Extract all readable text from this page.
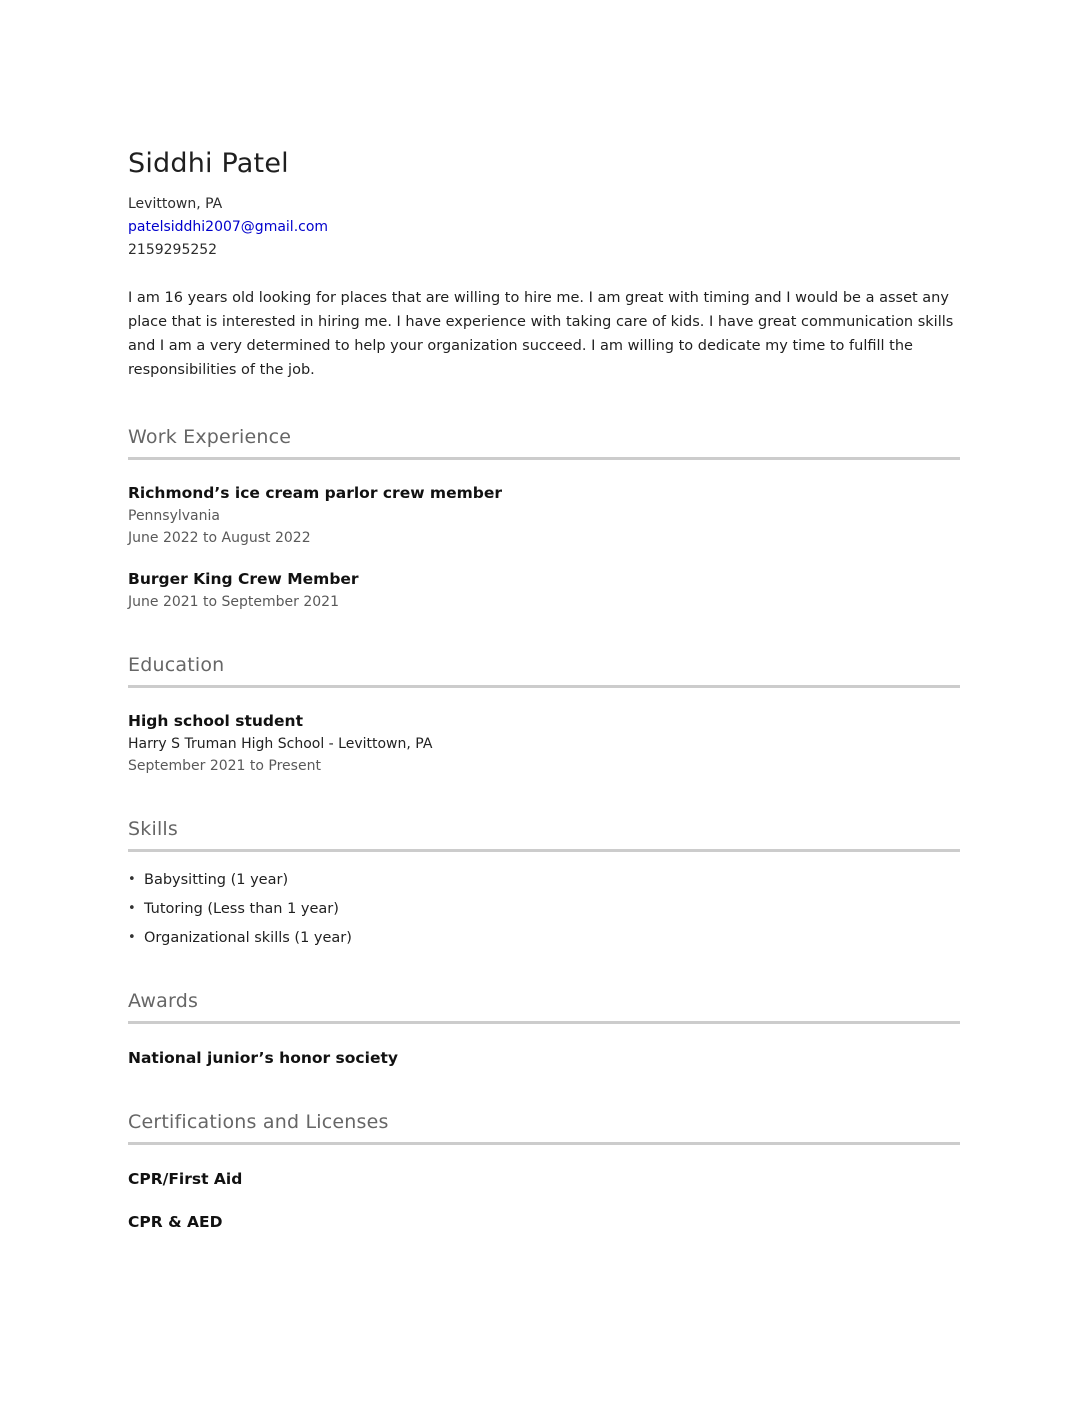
Siddhi Patel
Levittown, PA
patelsiddhi2007@gmail.com
2159295252

I am 16 years old looking for places that are willing to hire me. I am great with timing and I would be a asset any place that is interested in hiring me. I have experience with taking care of kids. I have great communication skills and I am a very determined to help your organization succeed. I am willing to dedicate my time to fulfill the responsibilities of the job.

Work Experience
Richmond’s ice cream parlor crew member
Pennsylvania
June 2022 to August 2022
Burger King Crew Member
June 2021 to September 2021
Education
High school student
Harry S Truman High School - Levittown, PA
September 2021 to Present
Skills
• Babysitting (1 year)
• Tutoring (Less than 1 year)
• Organizational skills (1 year)
Awards
National junior’s honor society
Certifications and Licenses
CPR/First Aid
CPR & AED
